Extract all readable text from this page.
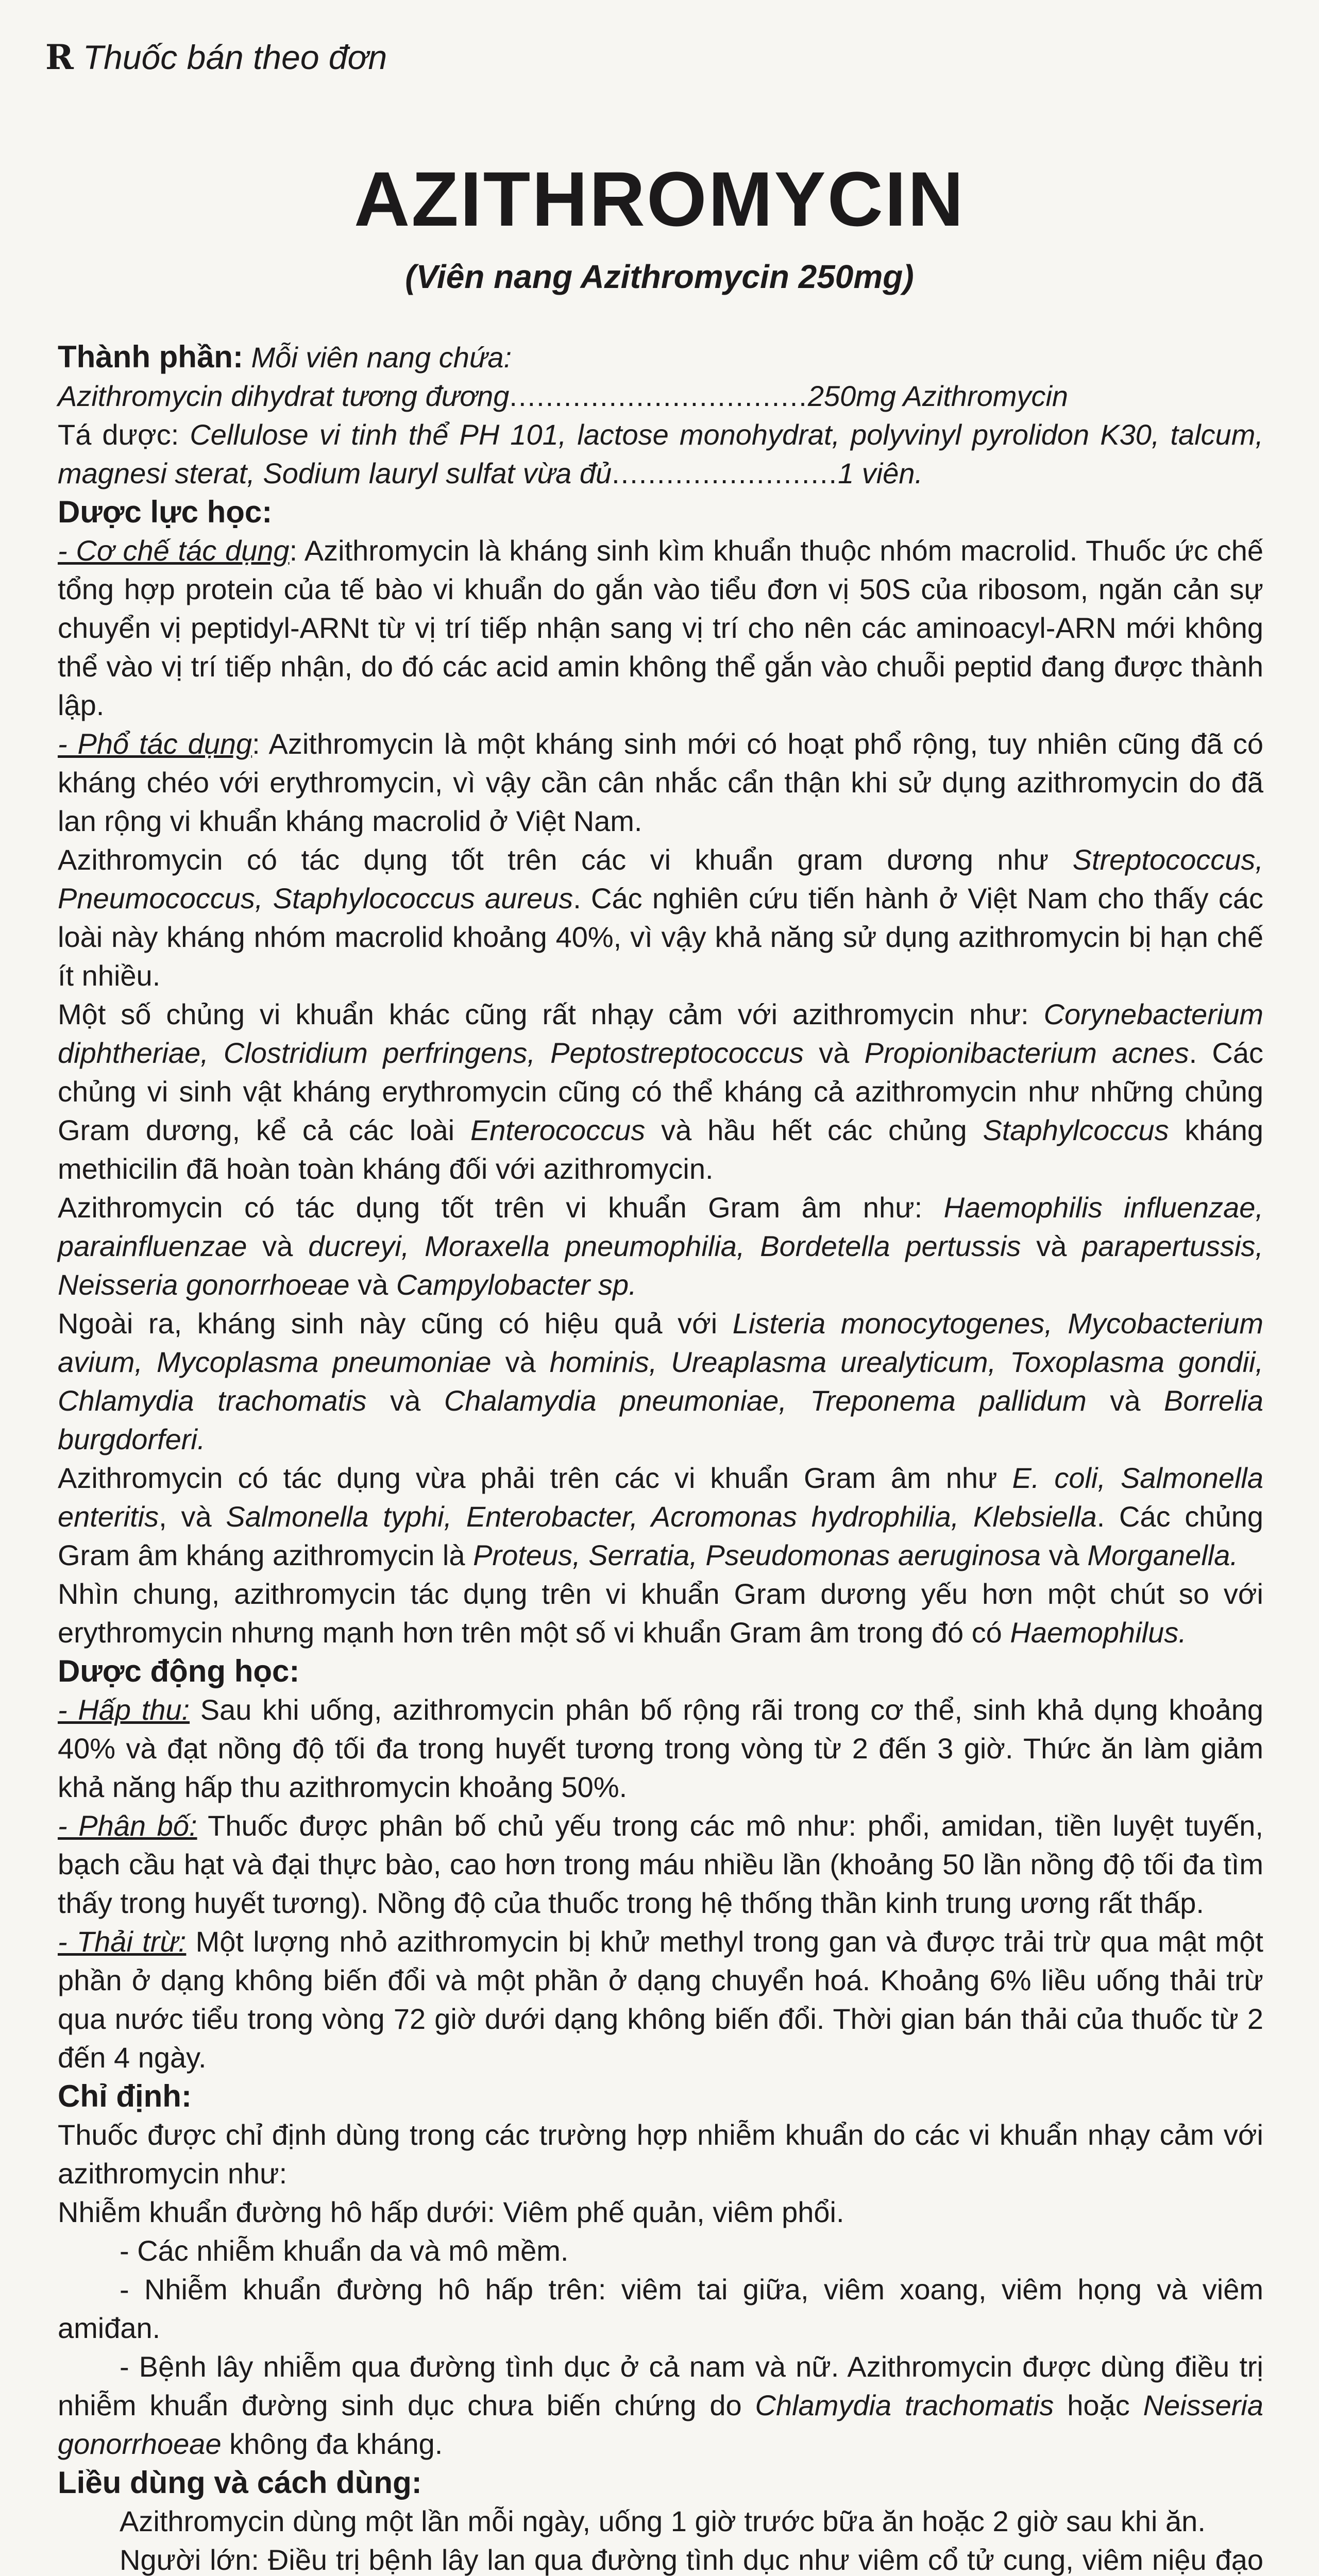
R Thuốc bán theo đơn
AZITHROMYCIN
(Viên nang Azithromycin 250mg)

Thành phần: Mỗi viên nang chứa:

Azithromycin dihydrat tương đương.................................250mg Azithromycin

Tá dược: Cellulose vi tinh thể PH 101, lactose monohydrat, polyvinyl pyrolidon K30, talcum, magnesi sterat, Sodium lauryl sulfat vừa đủ.........................1 viên.

Dược lực học:

- Cơ chế tác dụng: Azithromycin là kháng sinh kìm khuẩn thuộc nhóm macrolid. Thuốc ức chế tổng hợp protein của tế bào vi khuẩn do gắn vào tiểu đơn vị 50S của ribosom, ngăn cản sự chuyển vị peptidyl-ARNt từ vị trí tiếp nhận sang vị trí cho nên các aminoacyl-ARN mới không thể vào vị trí tiếp nhận, do đó các acid amin không thể gắn vào chuỗi peptid đang được thành lập.

- Phổ tác dụng: Azithromycin là một kháng sinh mới có hoạt phổ rộng, tuy nhiên cũng đã có kháng chéo với erythromycin, vì vậy cần cân nhắc cẩn thận khi sử dụng azithromycin do đã lan rộng vi khuẩn kháng macrolid ở Việt Nam.

Azithromycin có tác dụng tốt trên các vi khuẩn gram dương như Streptococcus, Pneumococcus, Staphylococcus aureus. Các nghiên cứu tiến hành ở Việt Nam cho thấy các loài này kháng nhóm macrolid khoảng 40%, vì vậy khả năng sử dụng azithromycin bị hạn chế ít nhiều.

Một số chủng vi khuẩn khác cũng rất nhạy cảm với azithromycin như: Corynebacterium diphtheriae, Clostridium perfringens, Peptostreptococcus và Propionibacterium acnes. Các chủng vi sinh vật kháng erythromycin cũng có thể kháng cả azithromycin như những chủng Gram dương, kể cả các loài Enterococcus và hầu hết các chủng Staphylcoccus kháng methicilin đã hoàn toàn kháng đối với azithromycin.

Azithromycin có tác dụng tốt trên vi khuẩn Gram âm như: Haemophilis influenzae, parainfluenzae và ducreyi, Moraxella pneumophilia, Bordetella pertussis và parapertussis, Neisseria gonorrhoeae và Campylobacter sp.

Ngoài ra, kháng sinh này cũng có hiệu quả với Listeria monocytogenes, Mycobacterium avium, Mycoplasma pneumoniae và hominis, Ureaplasma urealyticum, Toxoplasma gondii, Chlamydia trachomatis và Chalamydia pneumoniae, Treponema pallidum và Borrelia burgdorferi.

Azithromycin có tác dụng vừa phải trên các vi khuẩn Gram âm như E. coli, Salmonella enteritis, và Salmonella typhi, Enterobacter, Acromonas hydrophilia, Klebsiella. Các chủng Gram âm kháng azithromycin là Proteus, Serratia, Pseudomonas aeruginosa và Morganella.

Nhìn chung, azithromycin tác dụng trên vi khuẩn Gram dương yếu hơn một chút so với erythromycin nhưng mạnh hơn trên một số vi khuẩn Gram âm trong đó có Haemophilus.

Dược động học:

- Hấp thu: Sau khi uống, azithromycin phân bố rộng rãi trong cơ thể, sinh khả dụng khoảng 40% và đạt nồng độ tối đa trong huyết tương trong vòng từ 2 đến 3 giờ. Thức ăn làm giảm khả năng hấp thu azithromycin khoảng 50%.

- Phân bố: Thuốc được phân bố chủ yếu trong các mô như: phổi, amidan, tiền luyệt tuyến, bạch cầu hạt và đại thực bào, cao hơn trong máu nhiều lần (khoảng 50 lần nồng độ tối đa tìm thấy trong huyết tương). Nồng độ của thuốc trong hệ thống thần kinh trung ương rất thấp.

- Thải trừ: Một lượng nhỏ azithromycin bị khử methyl trong gan và được trải trừ qua mật một phần ở dạng không biến đổi và một phần ở dạng chuyển hoá. Khoảng 6% liều uống thải trừ qua nước tiểu trong vòng 72 giờ dưới dạng không biến đổi. Thời gian bán thải của thuốc từ 2 đến 4 ngày.

Chỉ định:

Thuốc được chỉ định dùng trong các trường hợp nhiễm khuẩn do các vi khuẩn nhạy cảm với azithromycin như:

Nhiễm khuẩn đường hô hấp dưới: Viêm phế quản, viêm phổi.

- Các nhiễm khuẩn da và mô mềm.

- Nhiễm khuẩn đường hô hấp trên: viêm tai giữa, viêm xoang, viêm họng và viêm amiđan.

- Bệnh lây nhiễm qua đường tình dục ở cả nam và nữ. Azithromycin được dùng điều trị nhiễm khuẩn đường sinh dục chưa biến chứng do Chlamydia trachomatis hoặc Neisseria gonorrhoeae không đa kháng.

Liều dùng và cách dùng:

Azithromycin dùng một lần mỗi ngày, uống 1 giờ trước bữa ăn hoặc 2 giờ sau khi ăn.

Người lớn: Điều trị bệnh lây lan qua đường tình dục như viêm cổ tử cung, viêm niệu đạo
